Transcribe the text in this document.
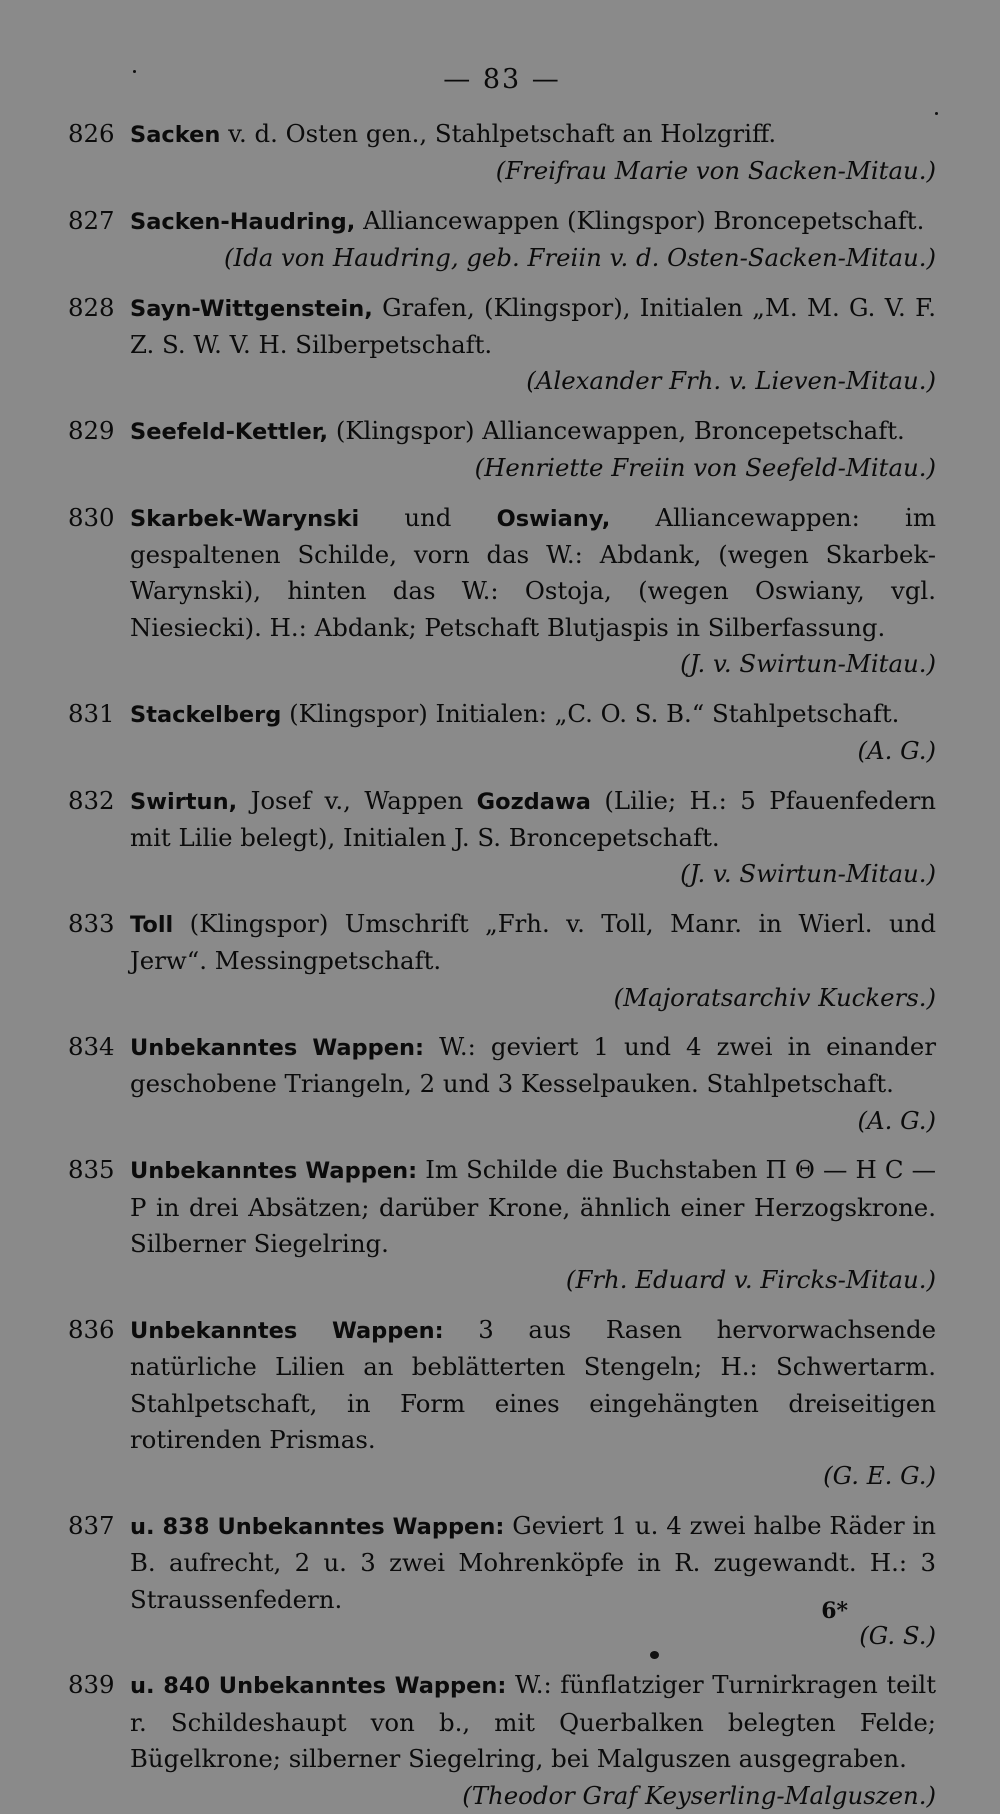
— 83 —
826 Sacken v. d. Osten gen., Stahlpetschaft an Holzgriff.
(Freifrau Marie von Sacken-Mitau.)
827 Sacken-Haudring, Alliancewappen (Klingspor) Broncepetschaft.
(Ida von Haudring, geb. Freiin v. d. Osten-Sacken-Mitau.)
828 Sayn-Wittgenstein, Grafen, (Klingspor), Initialen „M. M. G. V. F. Z. S. W. V. H. Silberpetschaft.
(Alexander Frh. v. Lieven-Mitau.)
829 Seefeld-Kettler, (Klingspor) Alliancewappen, Broncepetschaft.
(Henriette Freiin von Seefeld-Mitau.)
830 Skarbek-Warynski und Oswiany, Alliancewappen: im gespaltenen Schilde, vorn das W.: Abdank, (wegen Skarbek-Warynski), hinten das W.: Ostoja, (wegen Oswiany, vgl. Niesiecki). H.: Abdank; Petschaft Blutjaspis in Silberfassung.
(J. v. Swirtun-Mitau.)
831 Stackelberg (Klingspor) Initialen: „C. O. S. B.“ Stahlpetschaft.
(A. G.)
832 Swirtun, Josef v., Wappen Gozdawa (Lilie; H.: 5 Pfauenfedern mit Lilie belegt), Initialen J. S. Broncepetschaft.
(J. v. Swirtun-Mitau.)
833 Toll (Klingspor) Umschrift „Frh. v. Toll, Manr. in Wierl. und Jerw“. Messingpetschaft.
(Majoratsarchiv Kuckers.)
834 Unbekanntes Wappen: W.: geviert 1 und 4 zwei in einander geschobene Triangeln, 2 und 3 Kesselpauken. Stahlpetschaft.
(A. G.)
835 Unbekanntes Wappen: Im Schilde die Buchstaben Π Θ — H C — P in drei Absätzen; darüber Krone, ähnlich einer Herzogskrone. Silberner Siegelring.
(Frh. Eduard v. Fircks-Mitau.)
836 Unbekanntes Wappen: 3 aus Rasen hervorwachsende natürliche Lilien an beblätterten Stengeln; H.: Schwertarm. Stahlpetschaft, in Form eines eingehängten dreiseitigen rotirenden Prismas.
(G. E. G.)
837 u. 838 Unbekanntes Wappen: Geviert 1 u. 4 zwei halbe Räder in B. aufrecht, 2 u. 3 zwei Mohrenköpfe in R. zugewandt. H.: 3 Straussenfedern.
(G. S.)
839 u. 840 Unbekanntes Wappen: W.: fünflatziger Turnirkragen teilt r. Schildeshaupt von b., mit Querbalken belegten Felde; Bügelkrone; silberner Siegelring, bei Malguszen ausgegraben.
(Theodor Graf Keyserling-Malguszen.)
6*
